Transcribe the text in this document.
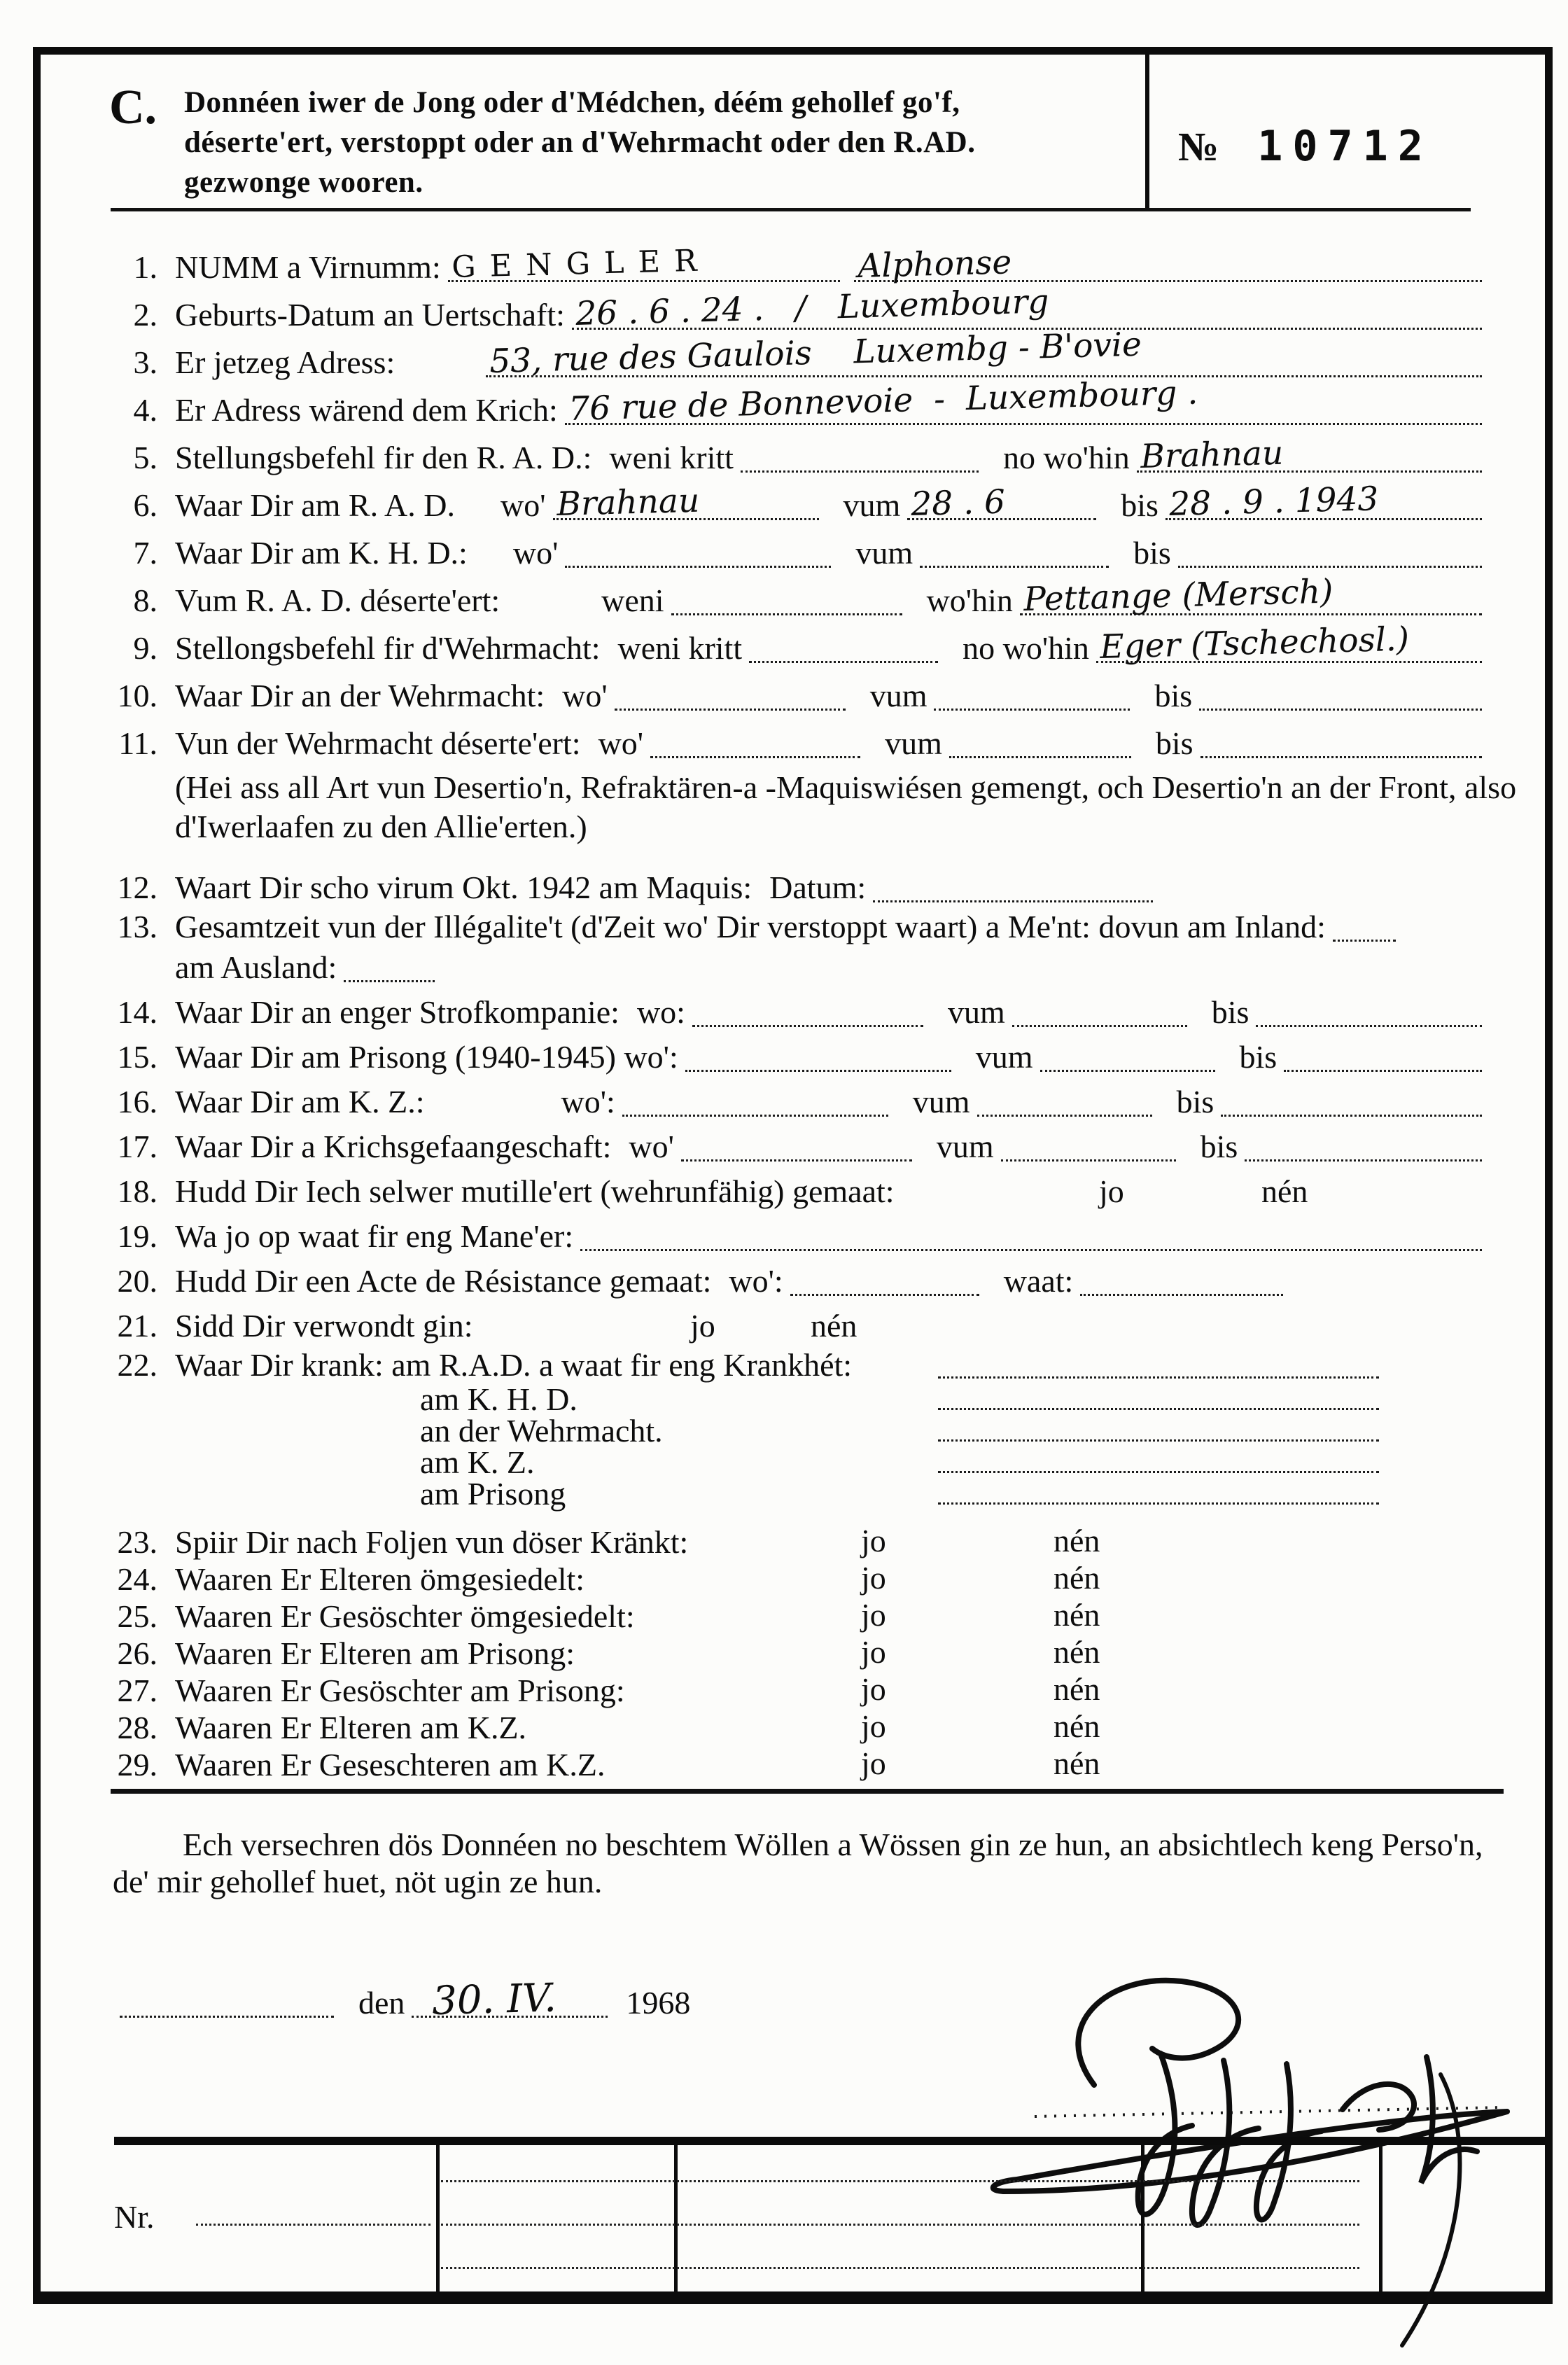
C. Donnéen iwer de Jong oder d'Médchen, déém gehollef go'f, déserte'ert, verstoppt oder an d'Wehrmacht oder den R.AD. gezwonge wooren.
№ 10712
1. NUMM a Virnumm: GENGLER	Alphonse
2. Geburts-Datum an Uertschaft: 26 . 6 . 24 .   /   Luxembourg
3. Er jetzeg Adress:	53, rue des Gaulois    Luxembg - B'ovie
4. Er Adress wärend dem Krich: 76 rue de Bonnevoie  -  Luxembourg .
5. Stellungsbefehl fir den R. A. D.: weni kritt	no wo'hin Brahnau
6. Waar Dir am R. A. D. wo' Brahnau	vum 28 . 6	bis 28 . 9 . 1943
7. Waar Dir am K. H. D.: wo'	vum	bis
8. Vum R. A. D. déserte'ert:	weni	wo'hin Pettange (Mersch)
9. Stellongsbefehl fir d'Wehrmacht: weni kritt	no wo'hin Eger (Tschechosl.)
10. Waar Dir an der Wehrmacht: wo'	vum	bis
11. Vun der Wehrmacht déserte'ert: wo'	vum	bis
(Hei ass all Art vun Desertio'n, Refraktären-a -Maquiswiésen gemengt, och Desertio'n an der Front, also d'Iwerlaafen zu den Allie'erten.)
12. Waart Dir scho virum Okt. 1942 am Maquis: Datum:
13. Gesamtzeit vun der Illégalite't (d'Zeit wo' Dir verstoppt waart) a Me'nt: dovun am Inland:
am Ausland:
14. Waar Dir an enger Strofkompanie: wo:	vum	bis
15. Waar Dir am Prisong (1940-1945) wo':	vum	bis
16. Waar Dir am K. Z.:	wo':	vum	bis
17. Waar Dir a Krichsgefaangeschaft: wo'	vum	bis
18. Hudd Dir Iech selwer mutille'ert (wehrunfähig) gemaat:	jo	nén
19. Wa jo op waat fir eng Mane'er:
20. Hudd Dir een Acte de Résistance gemaat: wo':	waat:
21. Sidd Dir verwondt gin:	jo	nén
22. Waar Dir krank: am R.A.D. a waat fir eng Krankhét:
am K. H. D.
an der Wehrmacht.
am K. Z.
am Prisong
23. Spiir Dir nach Foljen vun döser Kränkt:	jo	nén
24. Waaren Er Elteren ömgesiedelt:	jo	nén
25. Waaren Er Gesöschter ömgesiedelt:	jo	nén
26. Waaren Er Elteren am Prisong:	jo	nén
27. Waaren Er Gesöschter am Prisong:	jo	nén
28. Waaren Er Elteren am K.Z.	jo	nén
29. Waaren Er Geseschteren am K.Z.	jo	nén

Ech versechren dös Donnéen no beschtem Wöllen a Wössen gin ze hun, an absichtlech keng Perso'n, de' mir gehollef huet, nöt ugin ze hun.

den 30. IV. 1968
Nr.
